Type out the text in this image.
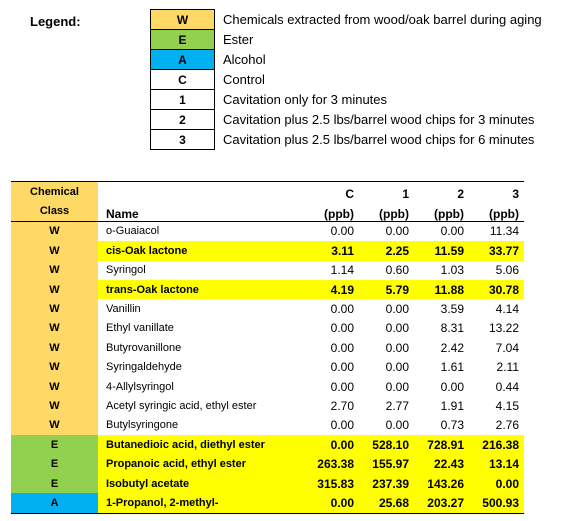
Legend:	W	Chemicals extracted from wood/oak barrel during aging
E	Ester
A	Alcohol
C	Control
1	Cavitation only for 3 minutes
2	Cavitation plus 2.5 lbs/barrel wood chips for 3 minutes
3	Cavitation plus 2.5 lbs/barrel wood chips for 6 minutes
Chemical		C	1	2	3
Class	Name	(ppb)	(ppb)	(ppb)	(ppb)
W	o-Guaiacol	0.00	0.00	0.00	11.34
W	cis-Oak lactone	3.11	2.25	11.59	33.77
W	Syringol	1.14	0.60	1.03	5.06
W	trans-Oak lactone	4.19	5.79	11.88	30.78
W	Vanillin	0.00	0.00	3.59	4.14
W	Ethyl vanillate	0.00	0.00	8.31	13.22
W	Butyrovanillone	0.00	0.00	2.42	7.04
W	Syringaldehyde	0.00	0.00	1.61	2.11
W	4-Allylsyringol	0.00	0.00	0.00	0.44
W	Acetyl syringic acid, ethyl ester	2.70	2.77	1.91	4.15
W	Butylsyringone	0.00	0.00	0.73	2.76
E	Butanedioic acid, diethyl ester	0.00	528.10	728.91	216.38
E	Propanoic acid, ethyl ester	263.38	155.97	22.43	13.14
E	Isobutyl acetate	315.83	237.39	143.26	0.00
A	1-Propanol, 2-methyl-	0.00	25.68	203.27	500.93
